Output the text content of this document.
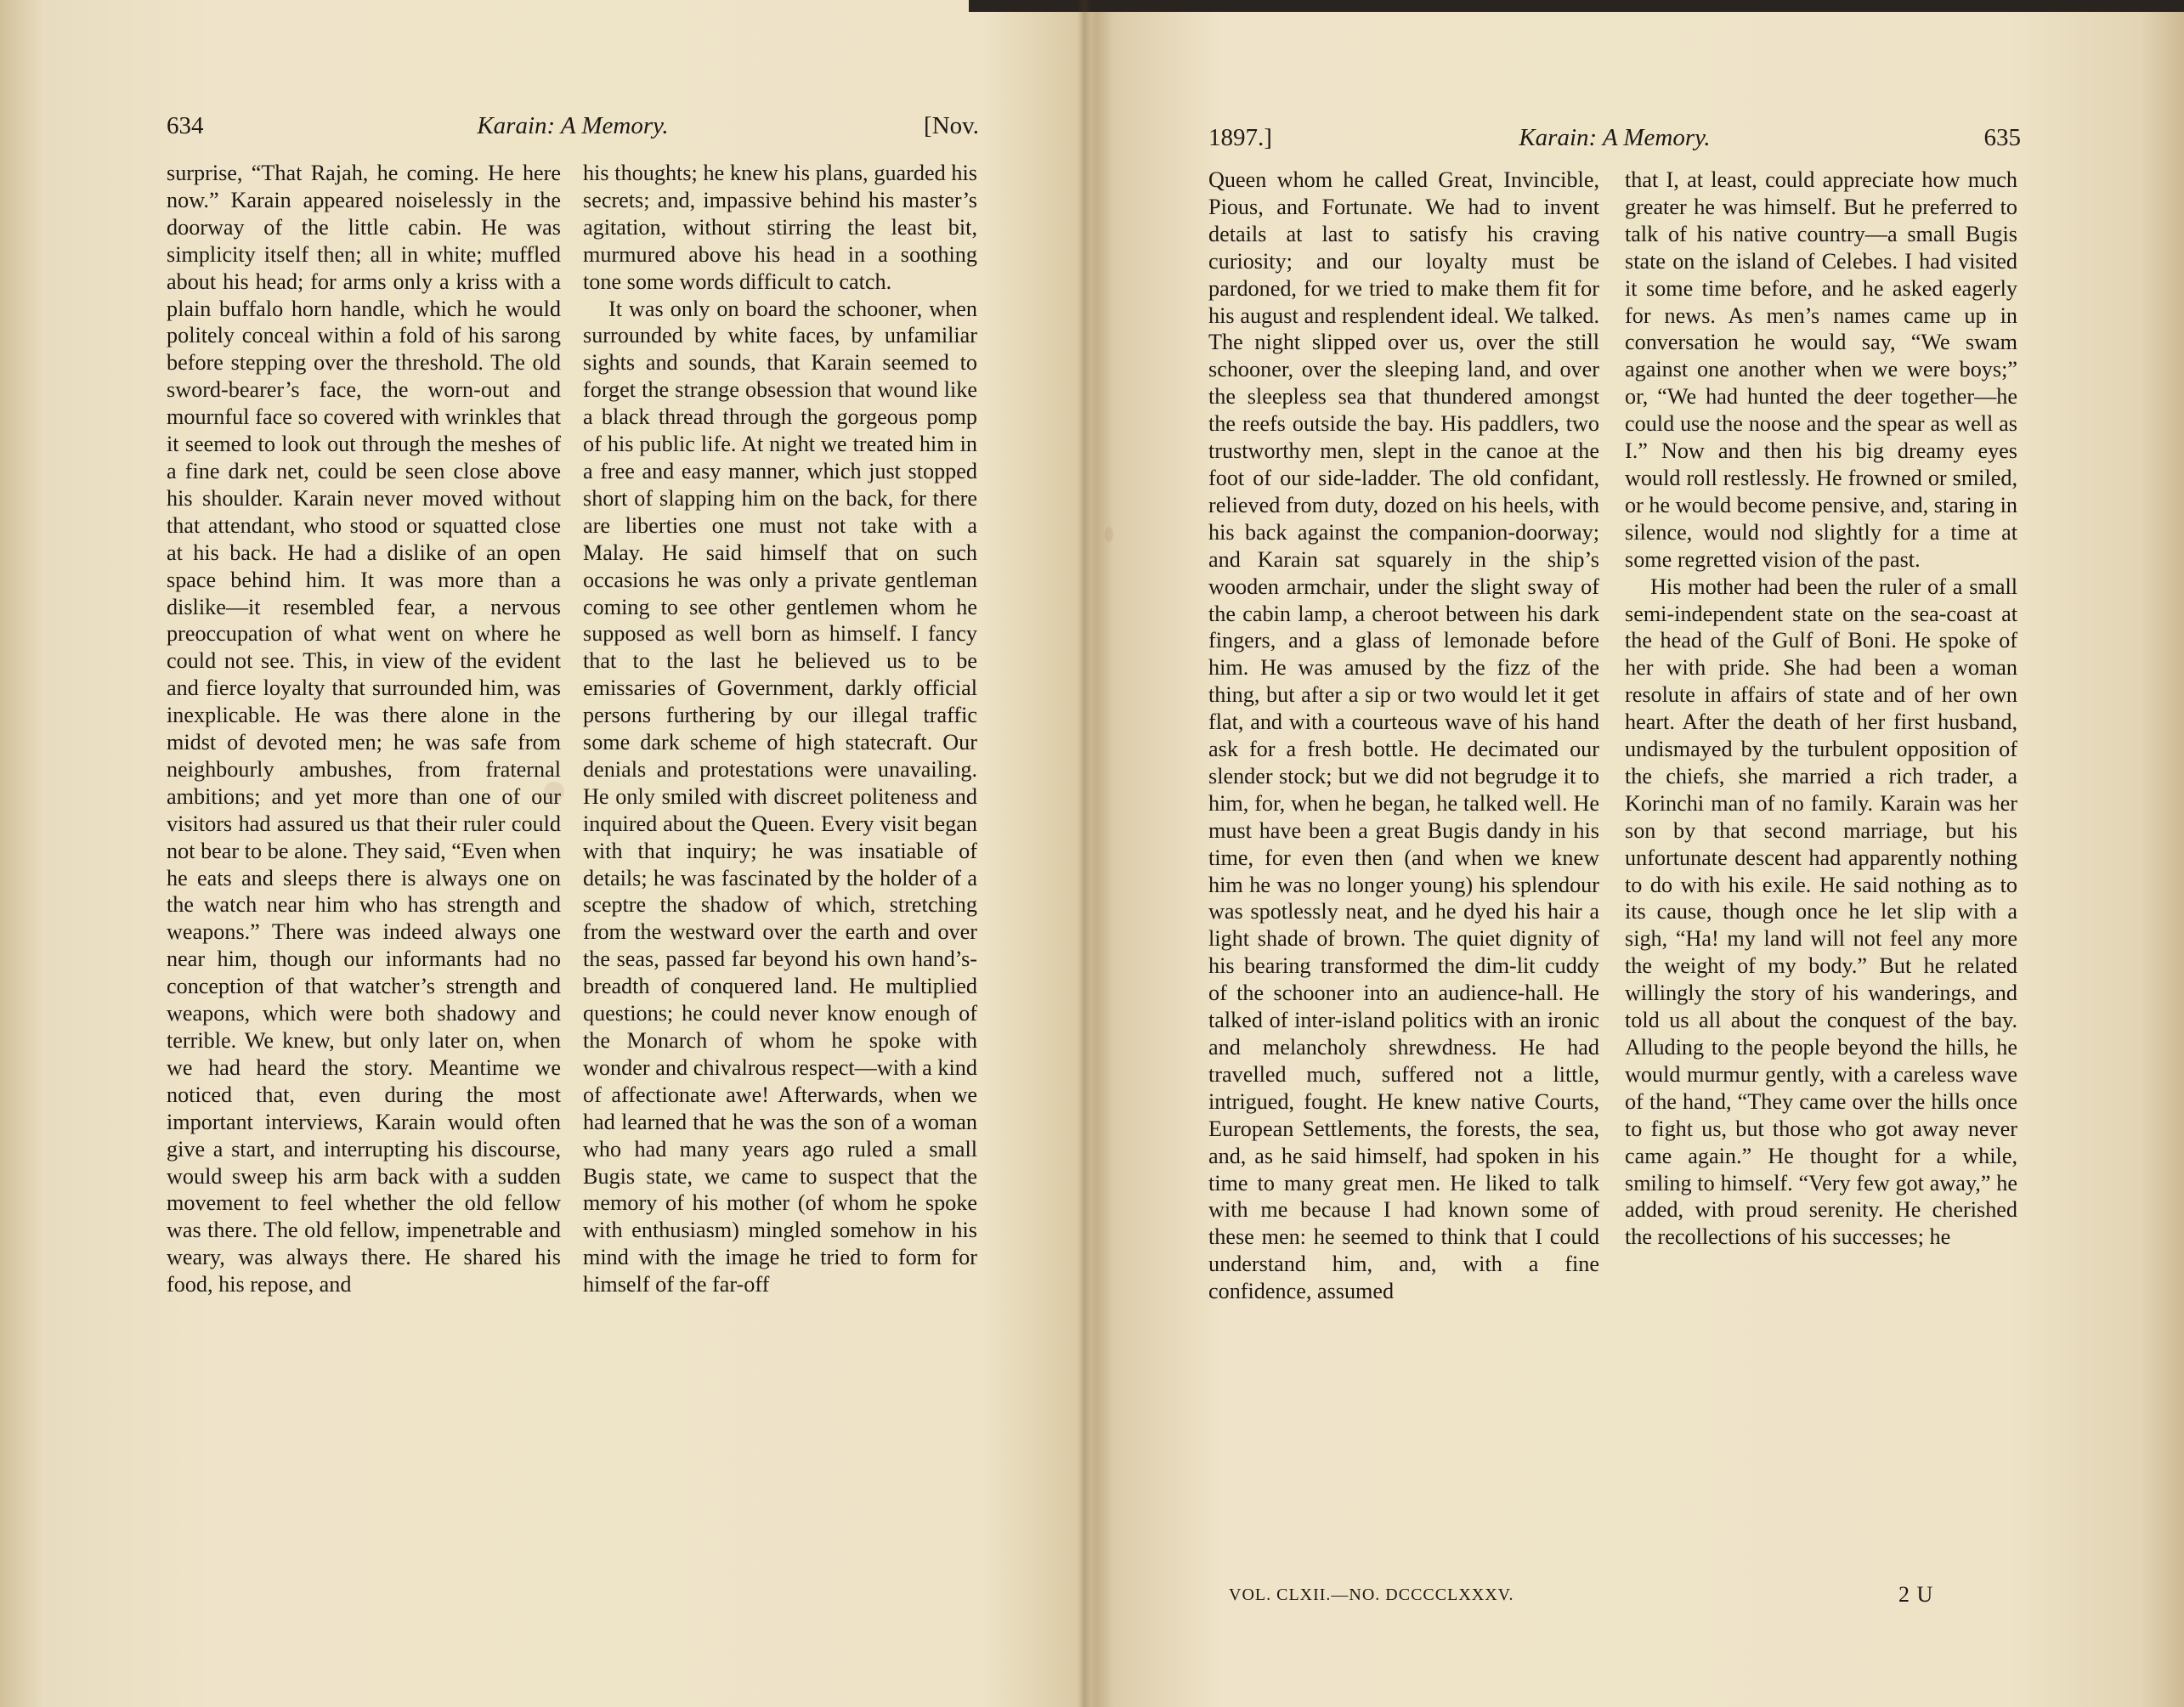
634	Karain: A Memory.	[Nov.

surprise, “That Rajah, he coming. He here now.” Karain appeared noiselessly in the doorway of the little cabin. He was simplicity itself then; all in white; muffled about his head; for arms only a kriss with a plain buffalo horn handle, which he would politely conceal within a fold of his sarong before stepping over the threshold. The old sword-bearer’s face, the worn-out and mournful face so covered with wrinkles that it seemed to look out through the meshes of a fine dark net, could be seen close above his shoulder. Karain never moved without that attendant, who stood or squatted close at his back. He had a dislike of an open space behind him. It was more than a dislike—it resembled fear, a nervous preoccupation of what went on where he could not see. This, in view of the evident and fierce loyalty that surrounded him, was inexplicable. He was there alone in the midst of devoted men; he was safe from neighbourly ambushes, from fraternal ambitions; and yet more than one of our visitors had assured us that their ruler could not bear to be alone. They said, “Even when he eats and sleeps there is always one on the watch near him who has strength and weapons.” There was indeed always one near him, though our informants had no conception of that watcher’s strength and weapons, which were both shadowy and terrible. We knew, but only later on, when we had heard the story. Meantime we noticed that, even during the most important interviews, Karain would often give a start, and interrupting his discourse, would sweep his arm back with a sudden movement to feel whether the old fellow was there. The old fellow, impenetrable and weary, was always there. He shared his food, his repose, and

his thoughts; he knew his plans, guarded his secrets; and, impassive behind his master’s agitation, without stirring the least bit, murmured above his head in a soothing tone some words difficult to catch.

It was only on board the schooner, when surrounded by white faces, by unfamiliar sights and sounds, that Karain seemed to forget the strange obsession that wound like a black thread through the gorgeous pomp of his public life. At night we treated him in a free and easy manner, which just stopped short of slapping him on the back, for there are liberties one must not take with a Malay. He said himself that on such occasions he was only a private gentleman coming to see other gentlemen whom he supposed as well born as himself. I fancy that to the last he believed us to be emissaries of Government, darkly official persons furthering by our illegal traffic some dark scheme of high statecraft. Our denials and protestations were unavailing. He only smiled with discreet politeness and inquired about the Queen. Every visit began with that inquiry; he was insatiable of details; he was fascinated by the holder of a sceptre the shadow of which, stretching from the westward over the earth and over the seas, passed far beyond his own hand’s-breadth of conquered land. He multiplied questions; he could never know enough of the Monarch of whom he spoke with wonder and chivalrous respect—with a kind of affectionate awe! Afterwards, when we had learned that he was the son of a woman who had many years ago ruled a small Bugis state, we came to suspect that the memory of his mother (of whom he spoke with enthusiasm) mingled somehow in his mind with the image he tried to form for himself of the far-off

1897.]	Karain: A Memory.	635

Queen whom he called Great, Invincible, Pious, and Fortunate. We had to invent details at last to satisfy his craving curiosity; and our loyalty must be pardoned, for we tried to make them fit for his august and resplendent ideal. We talked. The night slipped over us, over the still schooner, over the sleeping land, and over the sleepless sea that thundered amongst the reefs outside the bay. His paddlers, two trustworthy men, slept in the canoe at the foot of our side-ladder. The old confidant, relieved from duty, dozed on his heels, with his back against the companion-doorway; and Karain sat squarely in the ship’s wooden armchair, under the slight sway of the cabin lamp, a cheroot between his dark fingers, and a glass of lemonade before him. He was amused by the fizz of the thing, but after a sip or two would let it get flat, and with a courteous wave of his hand ask for a fresh bottle. He decimated our slender stock; but we did not begrudge it to him, for, when he began, he talked well. He must have been a great Bugis dandy in his time, for even then (and when we knew him he was no longer young) his splendour was spotlessly neat, and he dyed his hair a light shade of brown. The quiet dignity of his bearing transformed the dim-lit cuddy of the schooner into an audience-hall. He talked of inter-island politics with an ironic and melancholy shrewdness. He had travelled much, suffered not a little, intrigued, fought. He knew native Courts, European Settlements, the forests, the sea, and, as he said himself, had spoken in his time to many great men. He liked to talk with me because I had known some of these men: he seemed to think that I could understand him, and, with a fine confidence, assumed

that I, at least, could appreciate how much greater he was himself. But he preferred to talk of his native country—a small Bugis state on the island of Celebes. I had visited it some time before, and he asked eagerly for news. As men’s names came up in conversation he would say, “We swam against one another when we were boys;” or, “We had hunted the deer together—he could use the noose and the spear as well as I.” Now and then his big dreamy eyes would roll restlessly. He frowned or smiled, or he would become pensive, and, staring in silence, would nod slightly for a time at some regretted vision of the past.

His mother had been the ruler of a small semi-independent state on the sea-coast at the head of the Gulf of Boni. He spoke of her with pride. She had been a woman resolute in affairs of state and of her own heart. After the death of her first husband, undismayed by the turbulent opposition of the chiefs, she married a rich trader, a Korinchi man of no family. Karain was her son by that second marriage, but his unfortunate descent had apparently nothing to do with his exile. He said nothing as to its cause, though once he let slip with a sigh, “Ha! my land will not feel any more the weight of my body.” But he related willingly the story of his wanderings, and told us all about the conquest of the bay. Alluding to the people beyond the hills, he would murmur gently, with a careless wave of the hand, “They came over the hills once to fight us, but those who got away never came again.” He thought for a while, smiling to himself. “Very few got away,” he added, with proud serenity. He cherished the recollections of his successes; he

VOL. CLXII.—NO. DCCCCLXXXV.	2 U
